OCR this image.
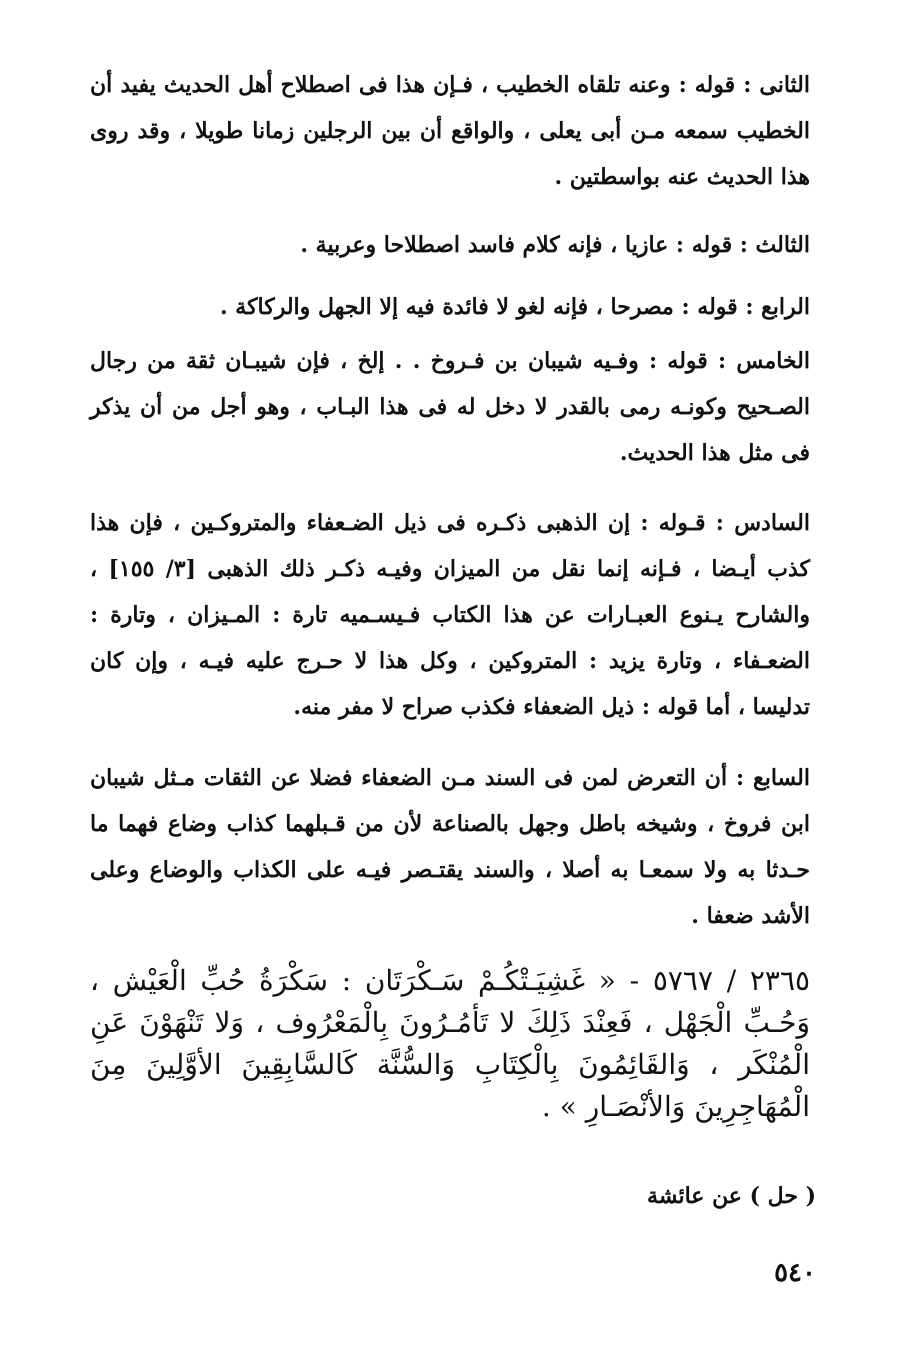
الثانى : قوله : وعنه تلقاه الخطيب ، فـإن هذا فى اصطلاح أهل الحديث يفيد أن الخطيب سمعه مـن أبى يعلى ، والواقع أن بين الرجلين زمانا طويلا ، وقد روى هذا الحديث عنه بواسطتين .

الثالث : قوله : عازيا ، فإنه كلام فاسد اصطلاحا وعربية .

الرابع : قوله : مصرحا ، فإنه لغو لا فائدة فيه إلا الجهل والركاكة .

الخامس : قوله : وفـيه شيبان بن فـروخ . . إلخ ، فإن شيبـان ثقة من رجال الصـحيح وكونـه رمى بالقدر لا دخل له فى هذا البـاب ، وهو أجل من أن يذكر فى مثل هذا الحديث.

السادس : قـوله : إن الذهبى ذكـره فى ذيل الضـعفاء والمتروكـين ، فإن هذا كذب أيـضا ، فـإنه إنما نقل من الميزان وفيـه ذكـر ذلك الذهبى [٣/ ١٥٥] ، والشارح يـنوع العبـارات عن هذا الكتاب فـيسـميه تارة : المـيزان ، وتارة : الضعـفاء ، وتارة يزيد : المتروكين ، وكل هذا لا حـرج عليه فيـه ، وإن كان تدليسا ، أما قوله : ذيل الضعفاء فكذب صراح لا مفر منه.

السابع : أن التعرض لمن فى السند مـن الضعفاء فضلا عن الثقات مـثل شيبان ابن فروخ ، وشيخه باطل وجهل بالصناعة لأن من قـبلهما كذاب وضاع فهما ما حـدثا به ولا سمعـا به أصلا ، والسند يقتـصر فيـه على الكذاب والوضاع وعلى الأشد ضعفا .

٢٣٦٥ / ٥٧٦٧ - « غَشِيَـتْكُـمْ سَـكْرَتَان : سَكْرَةُ حُبِّ الْعَيْش ، وَحُـبِّ الْجَهْل ، فَعِنْدَ ذَلِكَ لا تَأمُـرُونَ بِالْمَعْرُوف ، وَلا تَنْهَوْنَ عَنِ الْمُنْكَر ، وَالقَائِمُونَ بِالْكِتَابِ وَالسُّنَّة كَالسَّابِقِينَ الأوَّلِينَ مِنَ الْمُهَاجِرِينَ وَالأنْصَـارِ » .

( حل ) عن عائشة

٥٤٠
